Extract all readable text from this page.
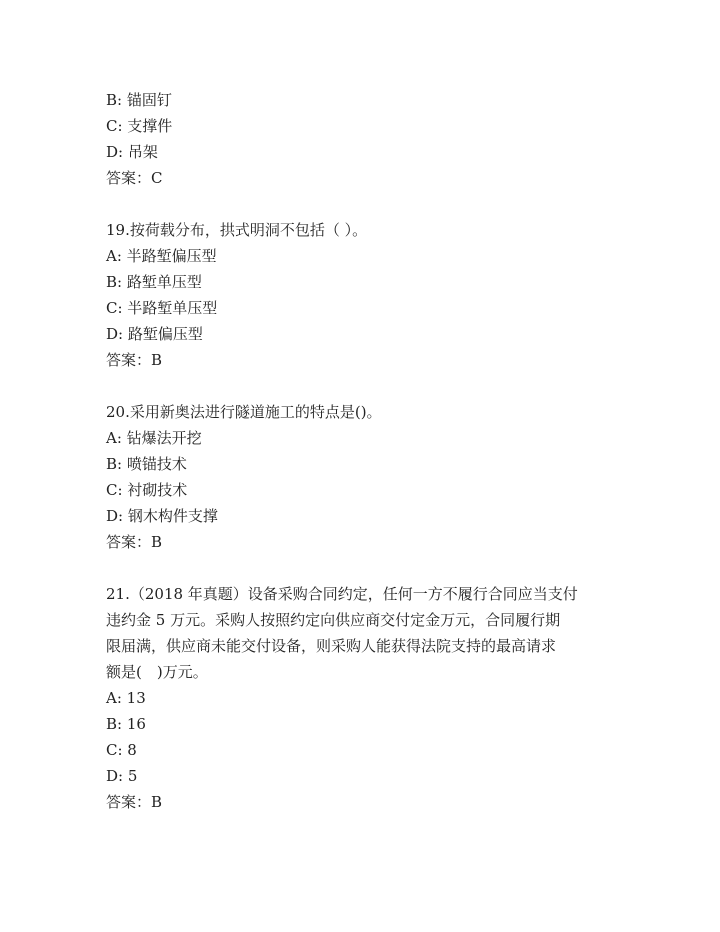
B: 锚固钉
C: 支撑件
D: 吊架
答案：C
19.按荷载分布，拱式明洞不包括（ ）。
A: 半路堑偏压型
B: 路堑单压型
C: 半路堑单压型
D: 路堑偏压型
答案：B
20.采用新奥法进行隧道施工的特点是()。
A: 钻爆法开挖
B: 喷锚技术
C: 衬砌技术
D: 钢木构件支撑
答案：B
21.（2018 年真题）设备采购合同约定，任何一方不履行合同应当支付
违约金 5 万元。采购人按照约定向供应商交付定金万元，合同履行期
限届满，供应商未能交付设备，则采购人能获得法院支持的最高请求
额是(　)万元。
A: 13
B: 16
C: 8
D: 5
答案：B
